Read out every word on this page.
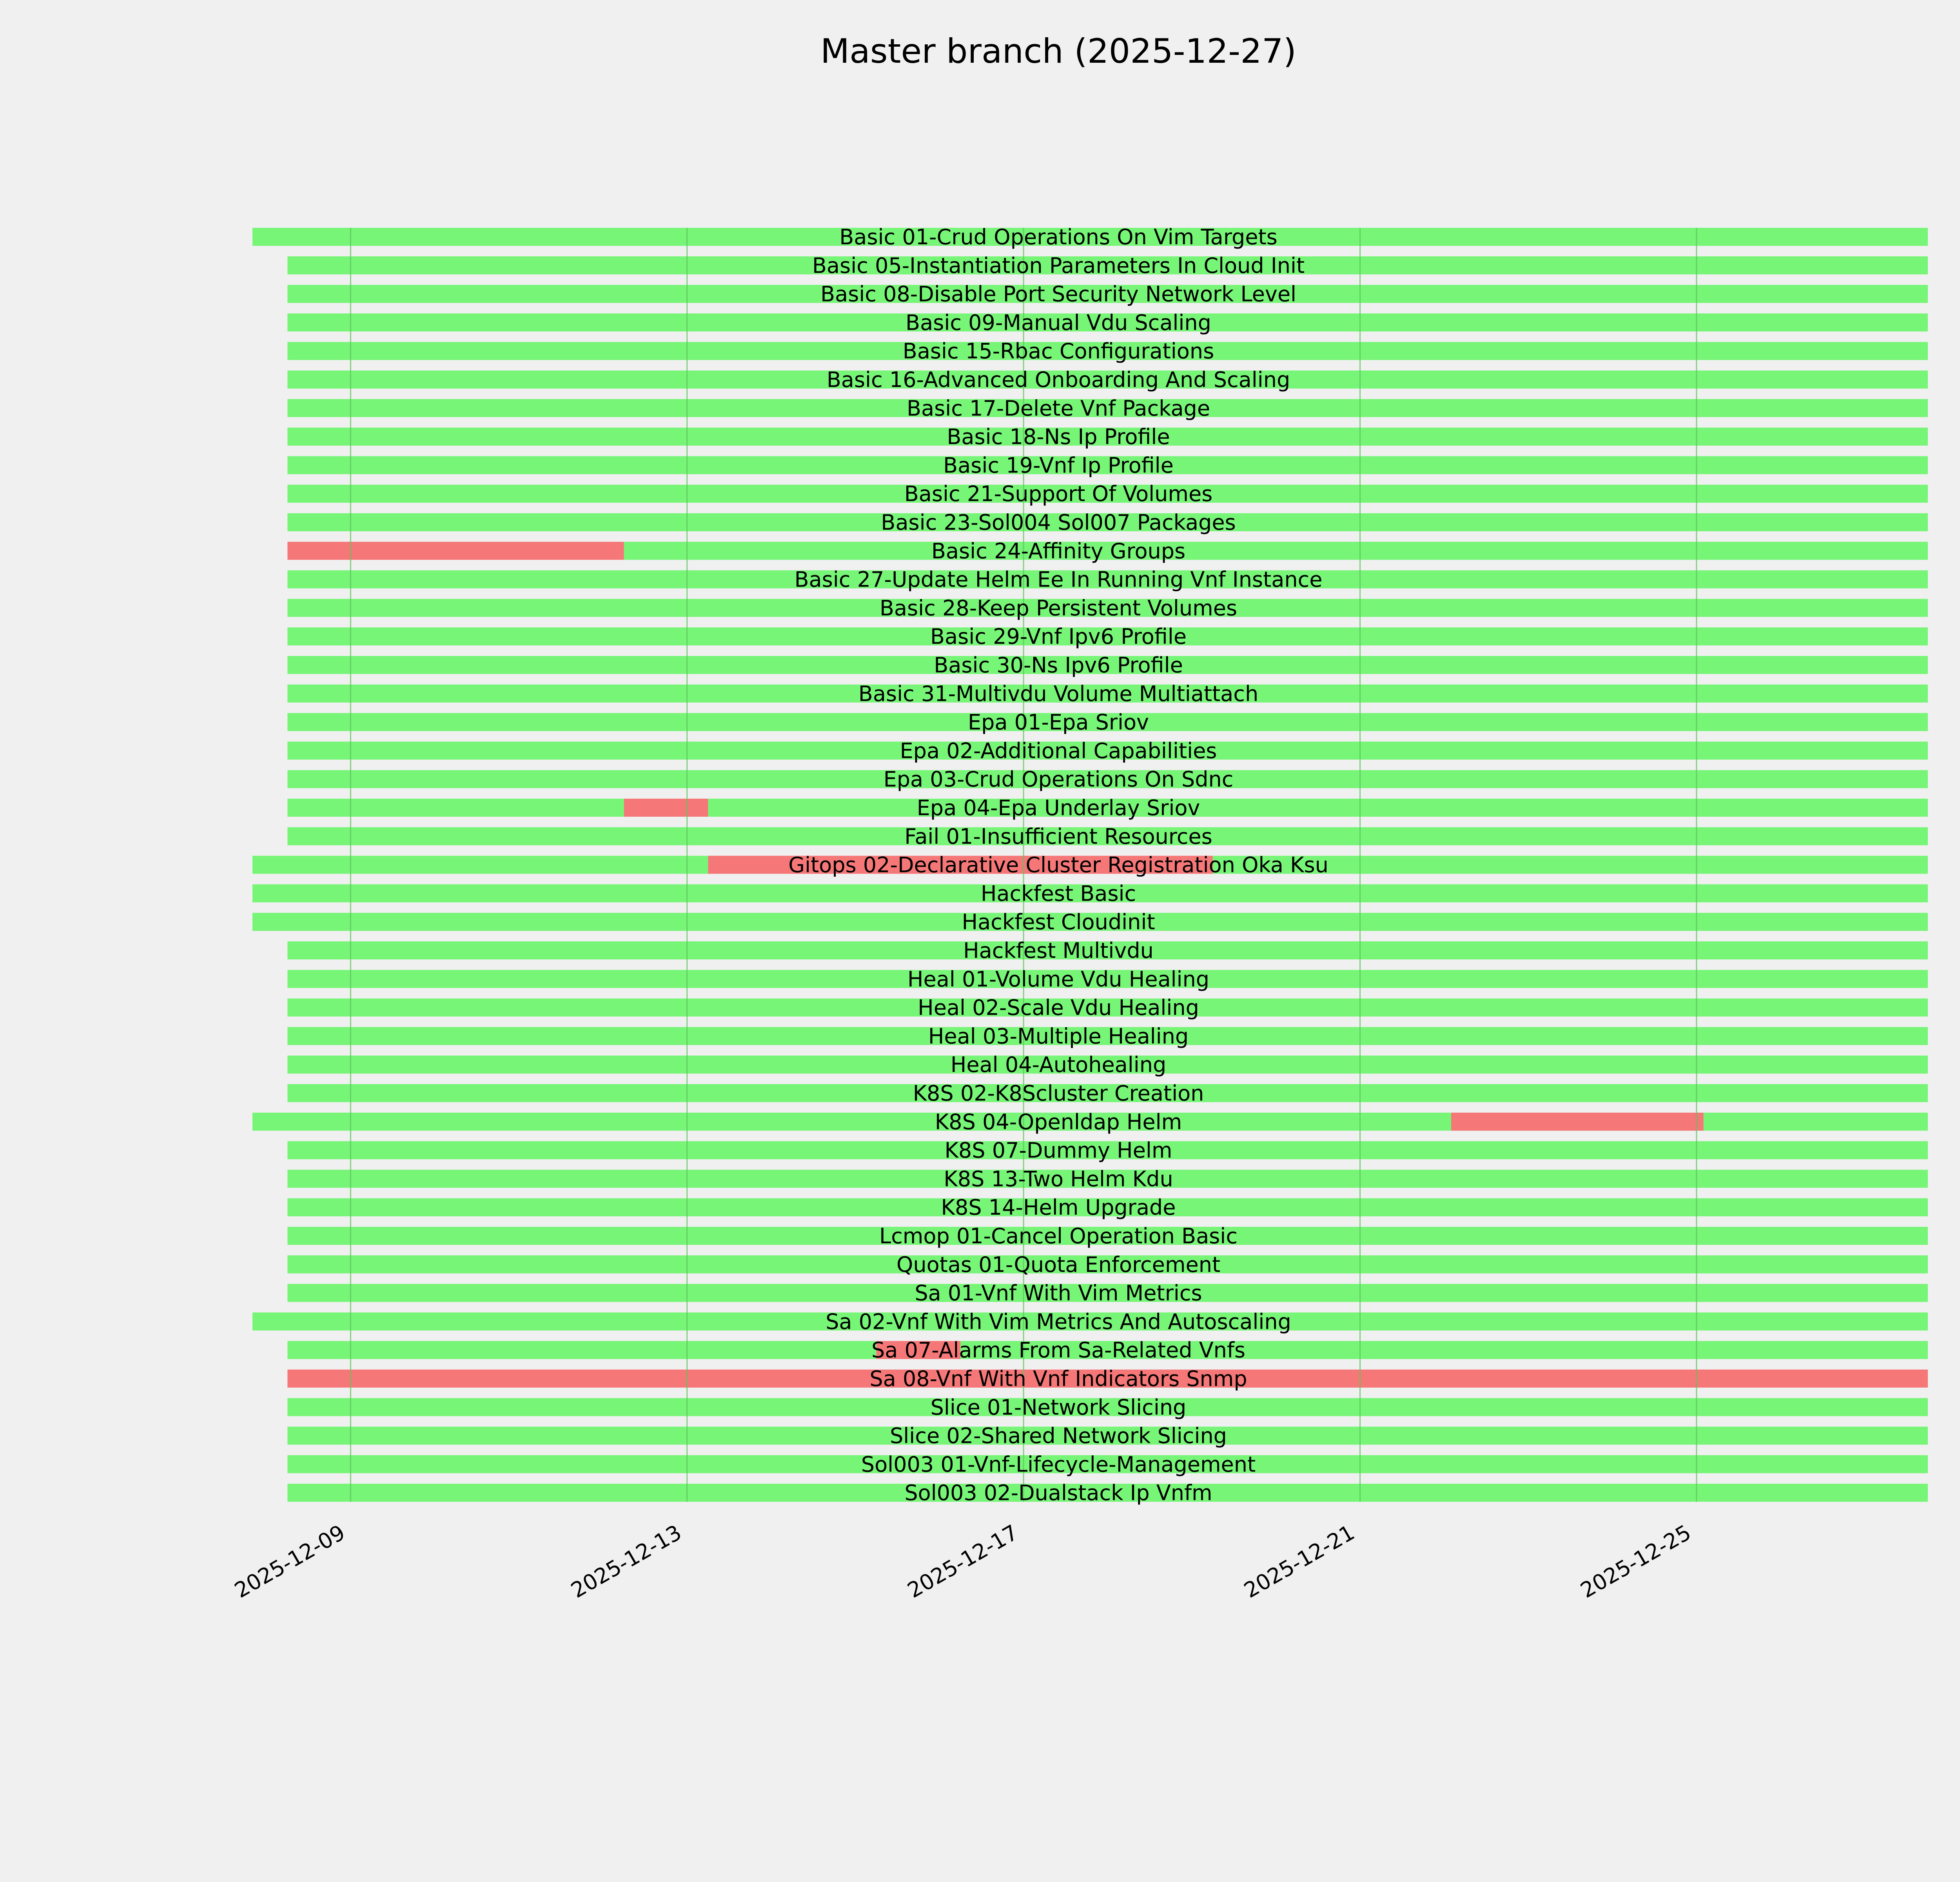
Master branch (2025-12-27)
Basic 01-Crud Operations On Vim Targets
Basic 05-Instantiation Parameters In Cloud Init
Basic 08-Disable Port Security Network Level
Basic 09-Manual Vdu Scaling
Basic 15-Rbac Configurations
Basic 16-Advanced Onboarding And Scaling
Basic 17-Delete Vnf Package
Basic 18-Ns Ip Profile
Basic 19-Vnf Ip Profile
Basic 21-Support Of Volumes
Basic 23-Sol004 Sol007 Packages
Basic 24-Affinity Groups
Basic 27-Update Helm Ee In Running Vnf Instance
Basic 28-Keep Persistent Volumes
Basic 29-Vnf Ipv6 Profile
Basic 30-Ns Ipv6 Profile
Basic 31-Multivdu Volume Multiattach
Epa 01-Epa Sriov
Epa 02-Additional Capabilities
Epa 03-Crud Operations On Sdnc
Epa 04-Epa Underlay Sriov
Fail 01-Insufficient Resources
Gitops 02-Declarative Cluster Registration Oka Ksu
Hackfest Basic
Hackfest Cloudinit
Hackfest Multivdu
Heal 01-Volume Vdu Healing
Heal 02-Scale Vdu Healing
Heal 03-Multiple Healing
Heal 04-Autohealing
K8S 02-K8Scluster Creation
K8S 04-Openldap Helm
K8S 07-Dummy Helm
K8S 13-Two Helm Kdu
K8S 14-Helm Upgrade
Lcmop 01-Cancel Operation Basic
Quotas 01-Quota Enforcement
Sa 01-Vnf With Vim Metrics
Sa 02-Vnf With Vim Metrics And Autoscaling
Sa 07-Alarms From Sa-Related Vnfs
Sa 08-Vnf With Vnf Indicators Snmp
Slice 01-Network Slicing
Slice 02-Shared Network Slicing
Sol003 01-Vnf-Lifecycle-Management
Sol003 02-Dualstack Ip Vnfm
2025-12-09	2025-12-13	2025-12-17	2025-12-21	2025-12-25
